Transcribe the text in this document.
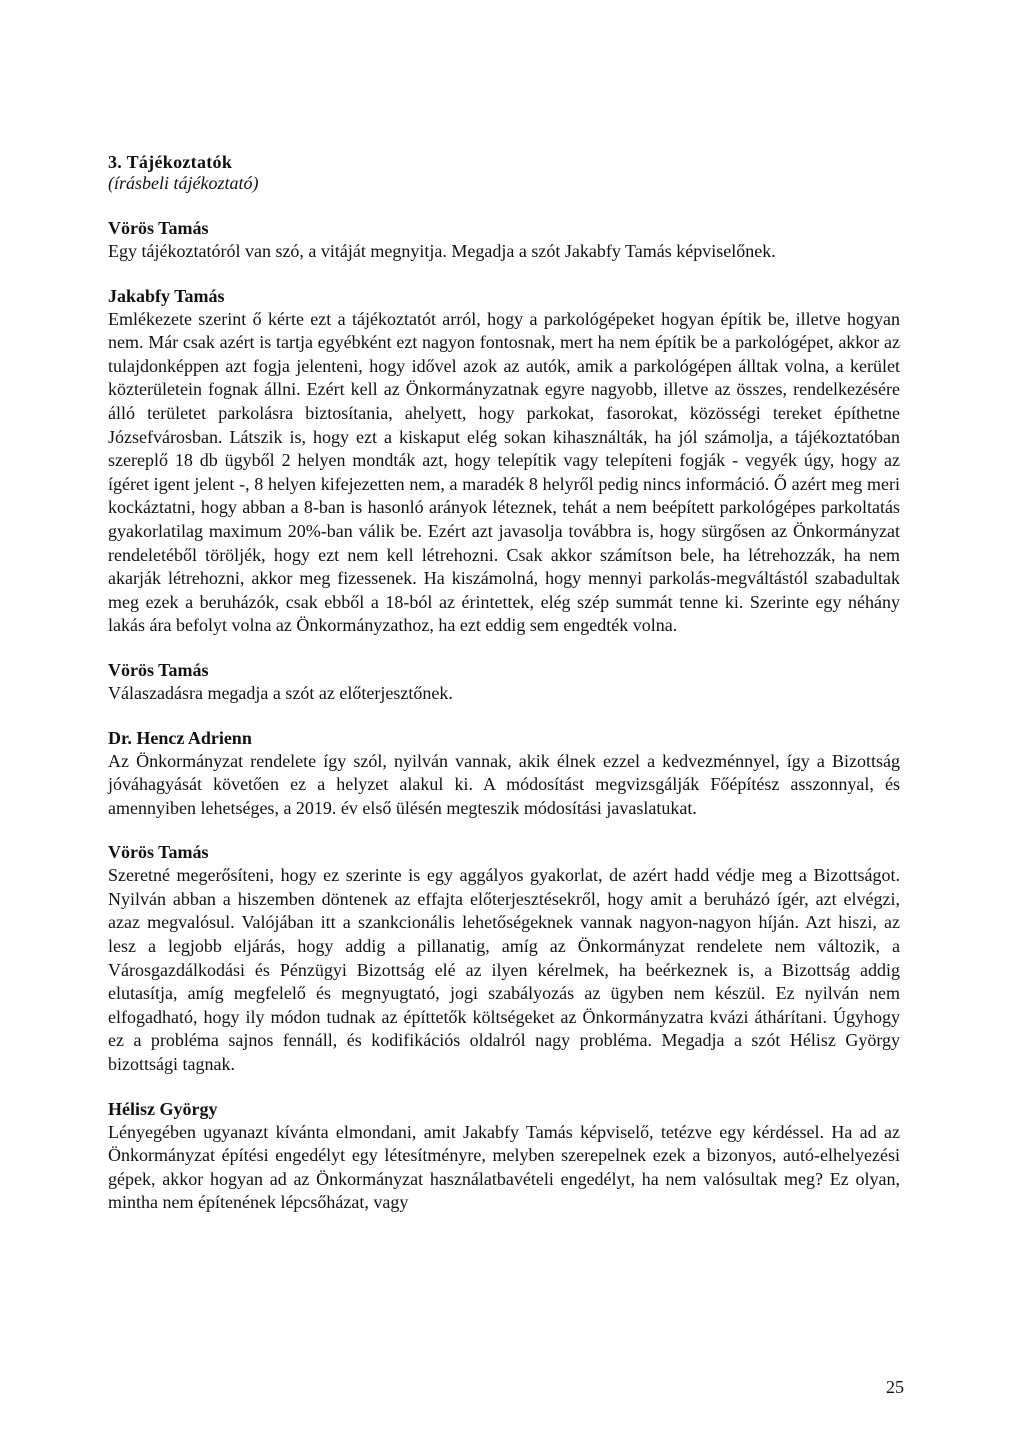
3. Tájékoztatók

(írásbeli tájékoztató)

Vörös Tamás

Egy tájékoztatóról van szó, a vitáját megnyitja. Megadja a szót Jakabfy Tamás képviselőnek.

Jakabfy Tamás

Emlékezete szerint ő kérte ezt a tájékoztatót arról, hogy a parkológépeket hogyan építik be, illetve hogyan nem. Már csak azért is tartja egyébként ezt nagyon fontosnak, mert ha nem építik be a parkológépet, akkor az tulajdonképpen azt fogja jelenteni, hogy idővel azok az autók, amik a parkológépen álltak volna, a kerület közterületein fognak állni. Ezért kell az Önkormányzatnak egyre nagyobb, illetve az összes, rendelkezésére álló területet parkolásra biztosítania, ahelyett, hogy parkokat, fasorokat, közösségi tereket építhetne Józsefvárosban. Látszik is, hogy ezt a kiskaput elég sokan kihasználták, ha jól számolja, a tájékoztatóban szereplő 18 db ügyből 2 helyen mondták azt, hogy telepítik vagy telepíteni fogják - vegyék úgy, hogy az ígéret igent jelent -, 8 helyen kifejezetten nem, a maradék 8 helyről pedig nincs információ. Ő azért meg meri kockáztatni, hogy abban a 8-ban is hasonló arányok léteznek, tehát a nem beépített parkológépes parkoltatás gyakorlatilag maximum 20%-ban válik be. Ezért azt javasolja továbbra is, hogy sürgősen az Önkormányzat rendeletéből töröljék, hogy ezt nem kell létrehozni. Csak akkor számítson bele, ha létrehozzák, ha nem akarják létrehozni, akkor meg fizessenek. Ha kiszámolná, hogy mennyi parkolás-megváltástól szabadultak meg ezek a beruházók, csak ebből a 18-ból az érintettek, elég szép summát tenne ki. Szerinte egy néhány lakás ára befolyt volna az Önkormányzathoz, ha ezt eddig sem engedték volna.

Vörös Tamás

Válaszadásra megadja a szót az előterjesztőnek.

Dr. Hencz Adrienn

Az Önkormányzat rendelete így szól, nyilván vannak, akik élnek ezzel a kedvezménnyel, így a Bizottság jóváhagyását követően ez a helyzet alakul ki. A módosítást megvizsgálják Főépítész asszonnyal, és amennyiben lehetséges, a 2019. év első ülésén megteszik módosítási javaslatukat.

Vörös Tamás

Szeretné megerősíteni, hogy ez szerinte is egy aggályos gyakorlat, de azért hadd védje meg a Bizottságot. Nyilván abban a hiszemben döntenek az effajta előterjesztésekről, hogy amit a beruházó ígér, azt elvégzi, azaz megvalósul. Valójában itt a szankcionális lehetőségeknek vannak nagyon-nagyon híján. Azt hiszi, az lesz a legjobb eljárás, hogy addig a pillanatig, amíg az Önkormányzat rendelete nem változik, a Városgazdálkodási és Pénzügyi Bizottság elé az ilyen kérelmek, ha beérkeznek is, a Bizottság addig elutasítja, amíg megfelelő és megnyugtató, jogi szabályozás az ügyben nem készül. Ez nyilván nem elfogadható, hogy ily módon tudnak az építtetők költségeket az Önkormányzatra kvázi áthárítani. Úgyhogy ez a probléma sajnos fennáll, és kodifikációs oldalról nagy probléma. Megadja a szót Hélisz György bizottsági tagnak.

Hélisz György

Lényegében ugyanazt kívánta elmondani, amit Jakabfy Tamás képviselő, tetézve egy kérdéssel. Ha ad az Önkormányzat építési engedélyt egy létesítményre, melyben szerepelnek ezek a bizonyos, autó-elhelyezési gépek, akkor hogyan ad az Önkormányzat használatbavételi engedélyt, ha nem valósultak meg? Ez olyan, mintha nem építenének lépcsőházat, vagy

25
